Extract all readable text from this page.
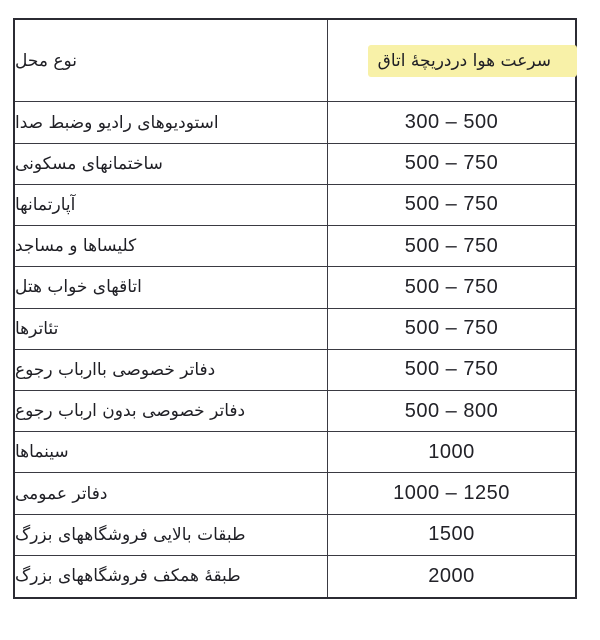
نوع محل	سرعت هوا دردریچهٔ اتاق
استودیوهای رادیو وضبط صدا	300 – 500
ساختمانهای مسکونی	500 – 750
آپارتمانها	500 – 750
کلیساها و مساجد	500 – 750
اتاقهای خواب هتل	500 – 750
تئاترها	500 – 750
دفاتر خصوصی باارباب رجوع	500 – 750
دفاتر خصوصی بدون ارباب رجوع	500 – 800
سینماها	1000
دفاتر عمومی	1000 – 1250
طبقات بالایی فروشگاههای بزرگ	1500
طبقهٔ همکف فروشگاههای بزرگ	2000
